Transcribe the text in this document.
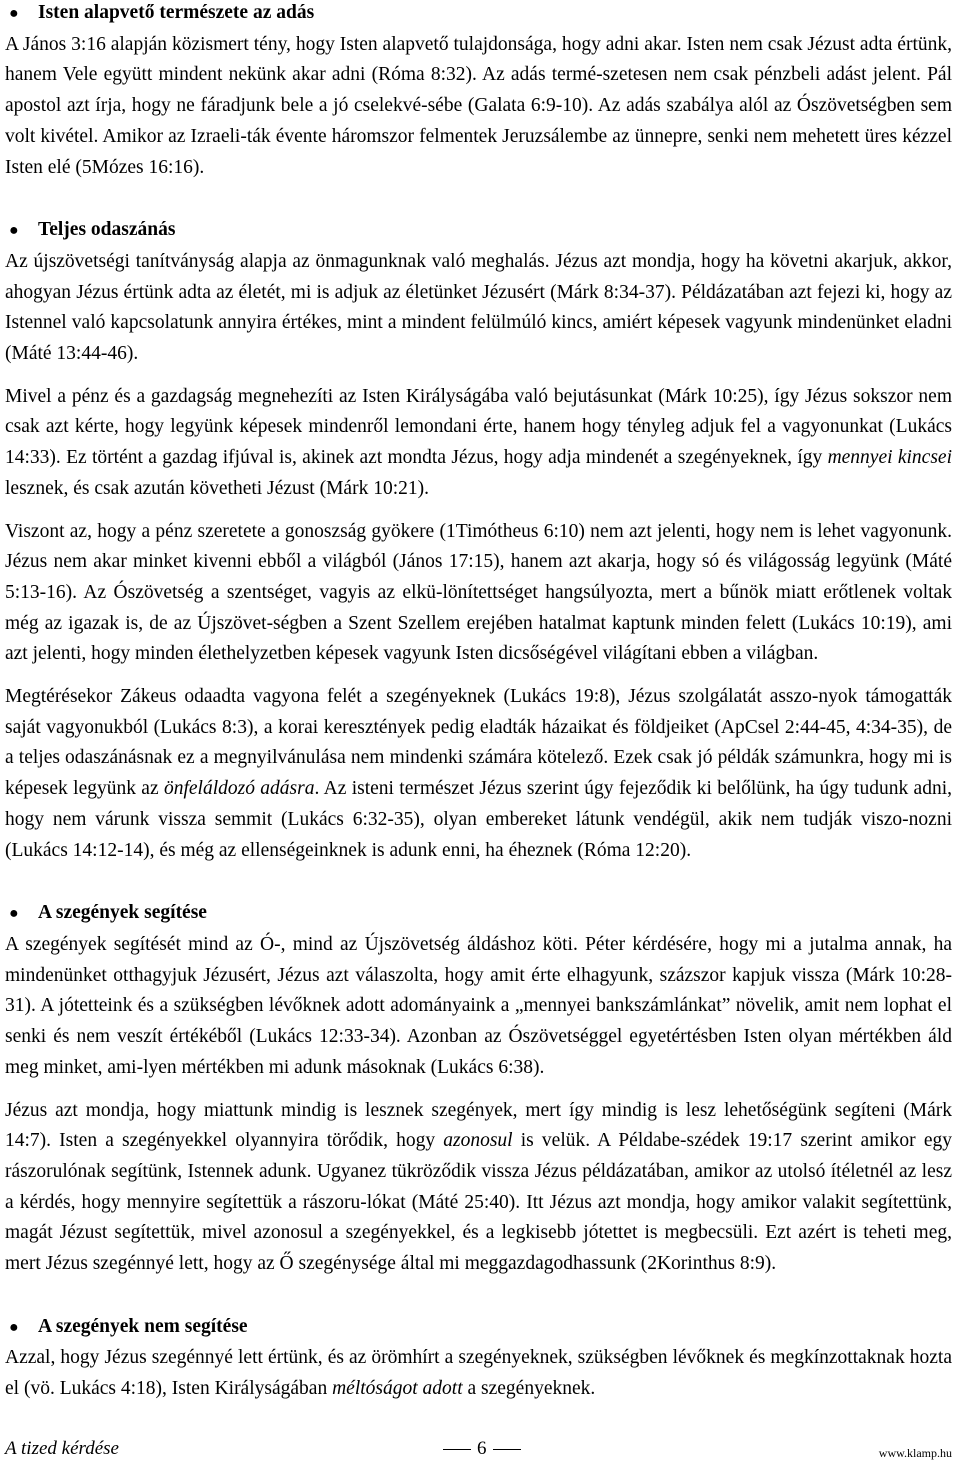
● Isten alapvető természete az adás

A János 3:16 alapján közismert tény, hogy Isten alapvető tulajdonsága, hogy adni akar. Isten nem csak Jézust adta értünk, hanem Vele együtt mindent nekünk akar adni (Róma 8:32). Az adás termé-szetesen nem csak pénzbeli adást jelent. Pál apostol azt írja, hogy ne fáradjunk bele a jó cselekvé-sébe (Galata 6:9-10). Az adás szabálya alól az Ószövetségben sem volt kivétel. Amikor az Izraeli-ták évente háromszor felmentek Jeruzsálembe az ünnepre, senki nem mehetett üres kézzel Isten elé (5Mózes 16:16).

● Teljes odaszánás

Az újszövetségi tanítványság alapja az önmagunknak való meghalás. Jézus azt mondja, hogy ha követni akarjuk, akkor, ahogyan Jézus értünk adta az életét, mi is adjuk az életünket Jézusért (Márk 8:34-37). Példázatában azt fejezi ki, hogy az Istennel való kapcsolatunk annyira értékes, mint a mindent felülmúló kincs, amiért képesek vagyunk mindenünket eladni (Máté 13:44-46).

Mivel a pénz és a gazdagság megnehezíti az Isten Királyságába való bejutásunkat (Márk 10:25), így Jézus sokszor nem csak azt kérte, hogy legyünk képesek mindenről lemondani érte, hanem hogy tényleg adjuk fel a vagyonunkat (Lukács 14:33). Ez történt a gazdag ifjúval is, akinek azt mondta Jézus, hogy adja mindenét a szegényeknek, így mennyei kincsei lesznek, és csak azután követheti Jézust (Márk 10:21).

Viszont az, hogy a pénz szeretete a gonoszság gyökere (1Timótheus 6:10) nem azt jelenti, hogy nem is lehet vagyonunk. Jézus nem akar minket kivenni ebből a világból (János 17:15), hanem azt akarja, hogy só és világosság legyünk (Máté 5:13-16). Az Ószövetség a szentséget, vagyis az elkü-lönítettséget hangsúlyozta, mert a bűnök miatt erőtlenek voltak még az igazak is, de az Újszövet-ségben a Szent Szellem erejében hatalmat kaptunk minden felett (Lukács 10:19), ami azt jelenti, hogy minden élethelyzetben képesek vagyunk Isten dicsőségével világítani ebben a világban.

Megtérésekor Zákeus odaadta vagyona felét a szegényeknek (Lukács 19:8), Jézus szolgálatát asszo-nyok támogatták saját vagyonukból (Lukács 8:3), a korai keresztények pedig eladták házaikat és földjeiket (ApCsel 2:44-45, 4:34-35), de a teljes odaszánásnak ez a megnyilvánulása nem mindenki számára kötelező. Ezek csak jó példák számunkra, hogy mi is képesek legyünk az önfeláldozó adásra. Az isteni természet Jézus szerint úgy fejeződik ki belőlünk, ha úgy tudunk adni, hogy nem várunk vissza semmit (Lukács 6:32-35), olyan embereket látunk vendégül, akik nem tudják viszo-nozni (Lukács 14:12-14), és még az ellenségeinknek is adunk enni, ha éheznek (Róma 12:20).

● A szegények segítése

A szegények segítését mind az Ó-, mind az Újszövetség áldáshoz köti. Péter kérdésére, hogy mi a jutalma annak, ha mindenünket otthagyjuk Jézusért, Jézus azt válaszolta, hogy amit érte elhagyunk, százszor kapjuk vissza (Márk 10:28-31). A jótetteink és a szükségben lévőknek adott adományaink a „mennyei bankszámlánkat” növelik, amit nem lophat el senki és nem veszít értékéből (Lukács 12:33-34). Azonban az Ószövetséggel egyetértésben Isten olyan mértékben áld meg minket, ami-lyen mértékben mi adunk másoknak (Lukács 6:38).

Jézus azt mondja, hogy miattunk mindig is lesznek szegények, mert így mindig is lesz lehetőségünk segíteni (Márk 14:7). Isten a szegényekkel olyannyira törődik, hogy azonosul is velük. A Példabe-szédek 19:17 szerint amikor egy rászorulónak segítünk, Istennek adunk. Ugyanez tükröződik vissza Jézus példázatában, amikor az utolsó ítéletnél az lesz a kérdés, hogy mennyire segítettük a rászoru-lókat (Máté 25:40). Itt Jézus azt mondja, hogy amikor valakit segítettünk, magát Jézust segítettük, mivel azonosul a szegényekkel, és a legkisebb jótettet is megbecsüli. Ezt azért is teheti meg, mert Jézus szegénnyé lett, hogy az Ő szegénysége által mi meggazdagodhassunk (2Korinthus 8:9).

● A szegények nem segítése

Azzal, hogy Jézus szegénnyé lett értünk, és az örömhírt a szegényeknek, szükségben lévőknek és megkínzottaknak hozta el (vö. Lukács 4:18), Isten Királyságában méltóságot adott a szegényeknek.

A tized kérdése	6	www.klamp.hu
